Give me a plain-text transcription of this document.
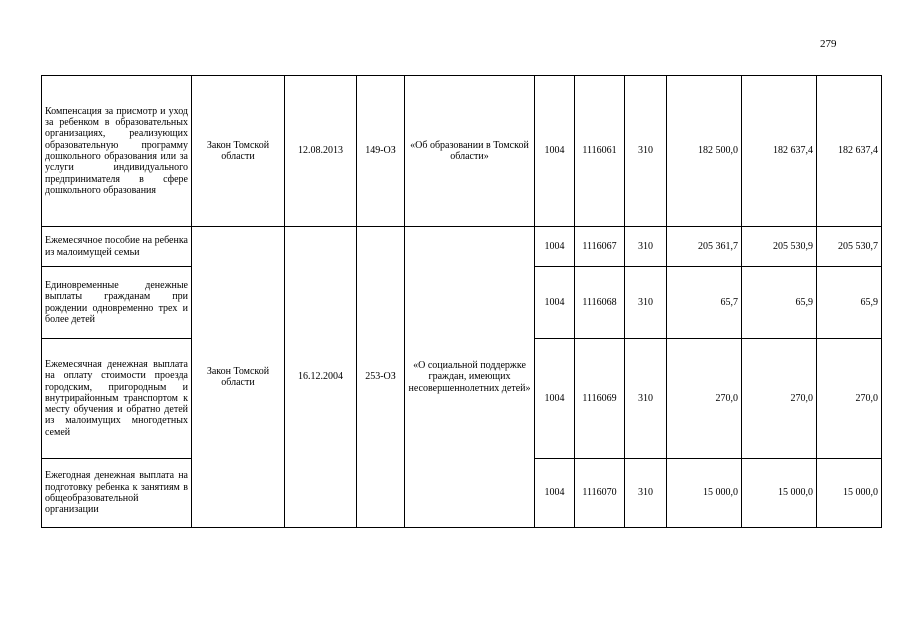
279
Компенсация за присмотр и уход за ребенком в образовательных организациях, реализующих образовательную программу дошкольного образования или за услуги индивидуального предпринимателя в сфере дошкольного образования	Закон Томской области	12.08.2013	149-ОЗ	«Об образовании в Томской области»	1004	1116061	310	182 500,0	182 637,4	182 637,4
Ежемесячное пособие на ребенка из малоимущей семьи	Закон Томской области	16.12.2004	253-ОЗ	«О социальной поддержке граждан, имеющих несовершеннолетних детей»	1004	1116067	310	205 361,7	205 530,9	205 530,7
Единовременные денежные выплаты гражданам при рождении одновременно трех и более детей					1004	1116068	310	65,7	65,9	65,9
Ежемесячная денежная выплата на оплату стоимости проезда городским, пригородным и внутрирайонным транспортом к месту обучения и обратно детей из малоимущих многодетных семей					1004	1116069	310	270,0	270,0	270,0
Ежегодная денежная выплата на подготовку ребенка к занятиям в общеобразовательной организации					1004	1116070	310	15 000,0	15 000,0	15 000,0
